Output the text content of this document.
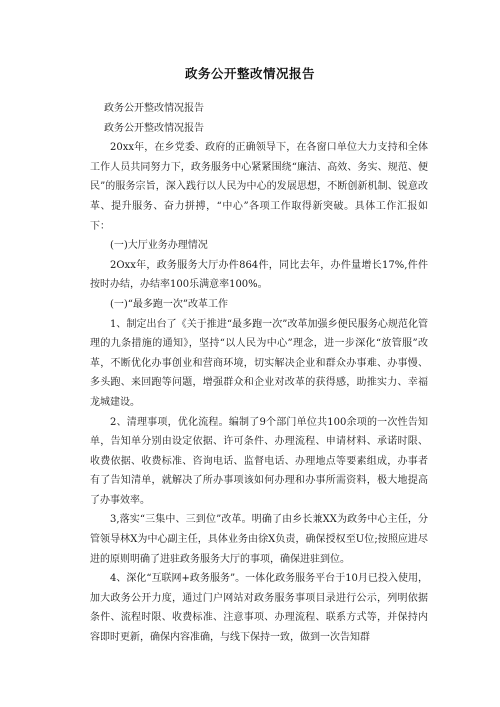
政务公开整改情况报告

政务公开整改情况报告

政务公开整改情况报告

20xx年，在乡党委、政府的正确领导下，在各窗口单位大力支持和全体工作人员共同努力下，政务服务中心紧紧围绕“廉洁、高效、务实、规范、便民”的服务宗旨，深入践行以人民为中心的发展思想，不断创新机制、锐意改革、提升服务、奋力拼搏，“中心”各项工作取得新突破。具体工作汇报如下：

(一)大厅业务办理情况

2Oxx年，政务服务大厅办件864件，同比去年，办件量增长17%,件件按时办结，办结率100乐满意率100%。

(一)“最多跑一次”改革工作

1、制定出台了《关于推进“最多跑一次”改革加强乡便民服务心规范化管理的九条措施的通知》，坚持“以人民为中心”理念，进一步深化“放管服”改革，不断优化办事创业和营商环境，切实解决企业和群众办事难、办事慢、多头跑、来回跑等问题，增强群众和企业对改革的获得感，助推实力、幸福龙城建设。

2、清理事项，优化流程。编制了9个部门单位共100余项的一次性告知单，告知单分别由设定依据、许可条件、办理流程、申请材料、承诺时限、收费依据、收费标准、咨询电话、监督电话、办理地点等要素组成，办事者有了告知清单，就解决了所办事项该如何办理和办事所需资料，极大地提高了办事效率。

3,落实“三集中、三到位”改革。明确了由乡长兼XX为政务中心主任，分管领导林X为中心副主任，具体业务由徐X负责，确保授权至U位;按照应进尽进的原则明确了进驻政务服务大厅的事项，确保进驻到位。

4、深化“互联网+政务服务”。一体化政务服务平台于10月已投入使用，加大政务公开力度，通过门户网站对政务服务事项目录进行公示，列明依据条件、流程时限、收费标准、注意事项、办理流程、联系方式等，并保持内容即时更新，确保内容准确，与线下保持一致，做到一次告知群
